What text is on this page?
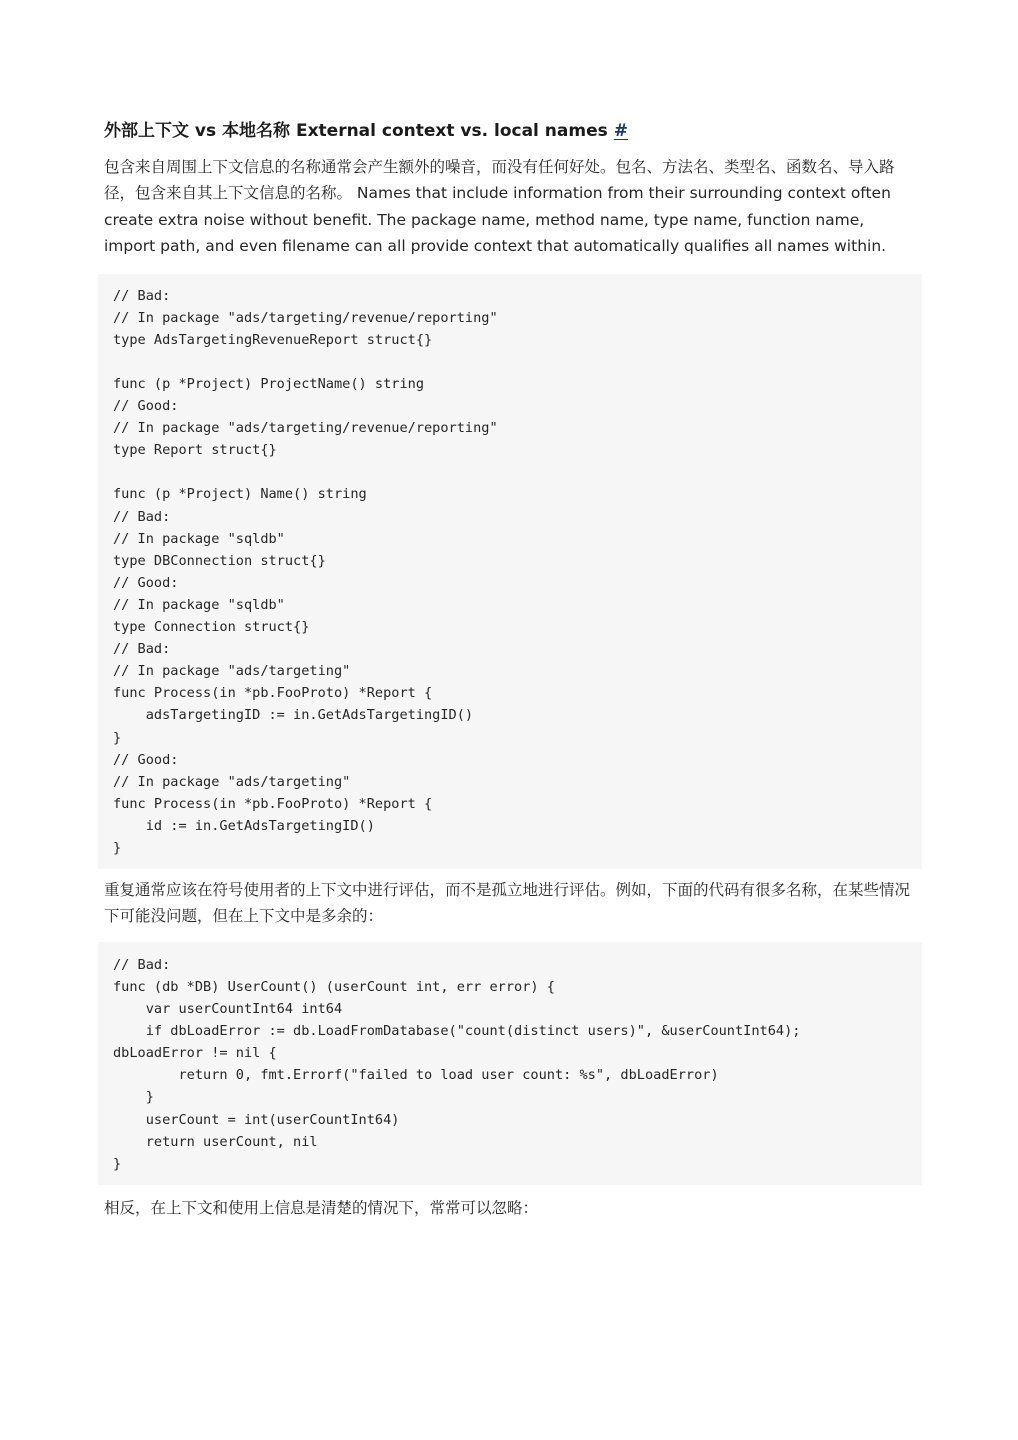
外部上下文 vs 本地名称 External context vs. local names #

包含来自周围上下文信息的名称通常会产生额外的噪音，而没有任何好处。包名、方法名、类型名、函数名、导入路径，包含来自其上下文信息的名称。 Names that include information from their surrounding context often create extra noise without benefit. The package name, method name, type name, function name, import path, and even filename can all provide context that automatically qualifies all names within.

// Bad:
// In package "ads/targeting/revenue/reporting"
type AdsTargetingRevenueReport struct{}

func (p *Project) ProjectName() string
// Good:
// In package "ads/targeting/revenue/reporting"
type Report struct{}

func (p *Project) Name() string
// Bad:
// In package "sqldb"
type DBConnection struct{}
// Good:
// In package "sqldb"
type Connection struct{}
// Bad:
// In package "ads/targeting"
func Process(in *pb.FooProto) *Report {
adsTargetingID := in.GetAdsTargetingID()
}
// Good:
// In package "ads/targeting"
func Process(in *pb.FooProto) *Report {
id := in.GetAdsTargetingID()
}

重复通常应该在符号使用者的上下文中进行评估，而不是孤立地进行评估。例如，下面的代码有很多名称，在某些情况下可能没问题，但在上下文中是多余的：

// Bad:
func (db *DB) UserCount() (userCount int, err error) {
var userCountInt64 int64
if dbLoadError := db.LoadFromDatabase("count(distinct users)", &userCountInt64);
dbLoadError != nil {
return 0, fmt.Errorf("failed to load user count: %s", dbLoadError)
}
userCount = int(userCountInt64)
return userCount, nil
}

相反，在上下文和使用上信息是清楚的情况下，常常可以忽略：
